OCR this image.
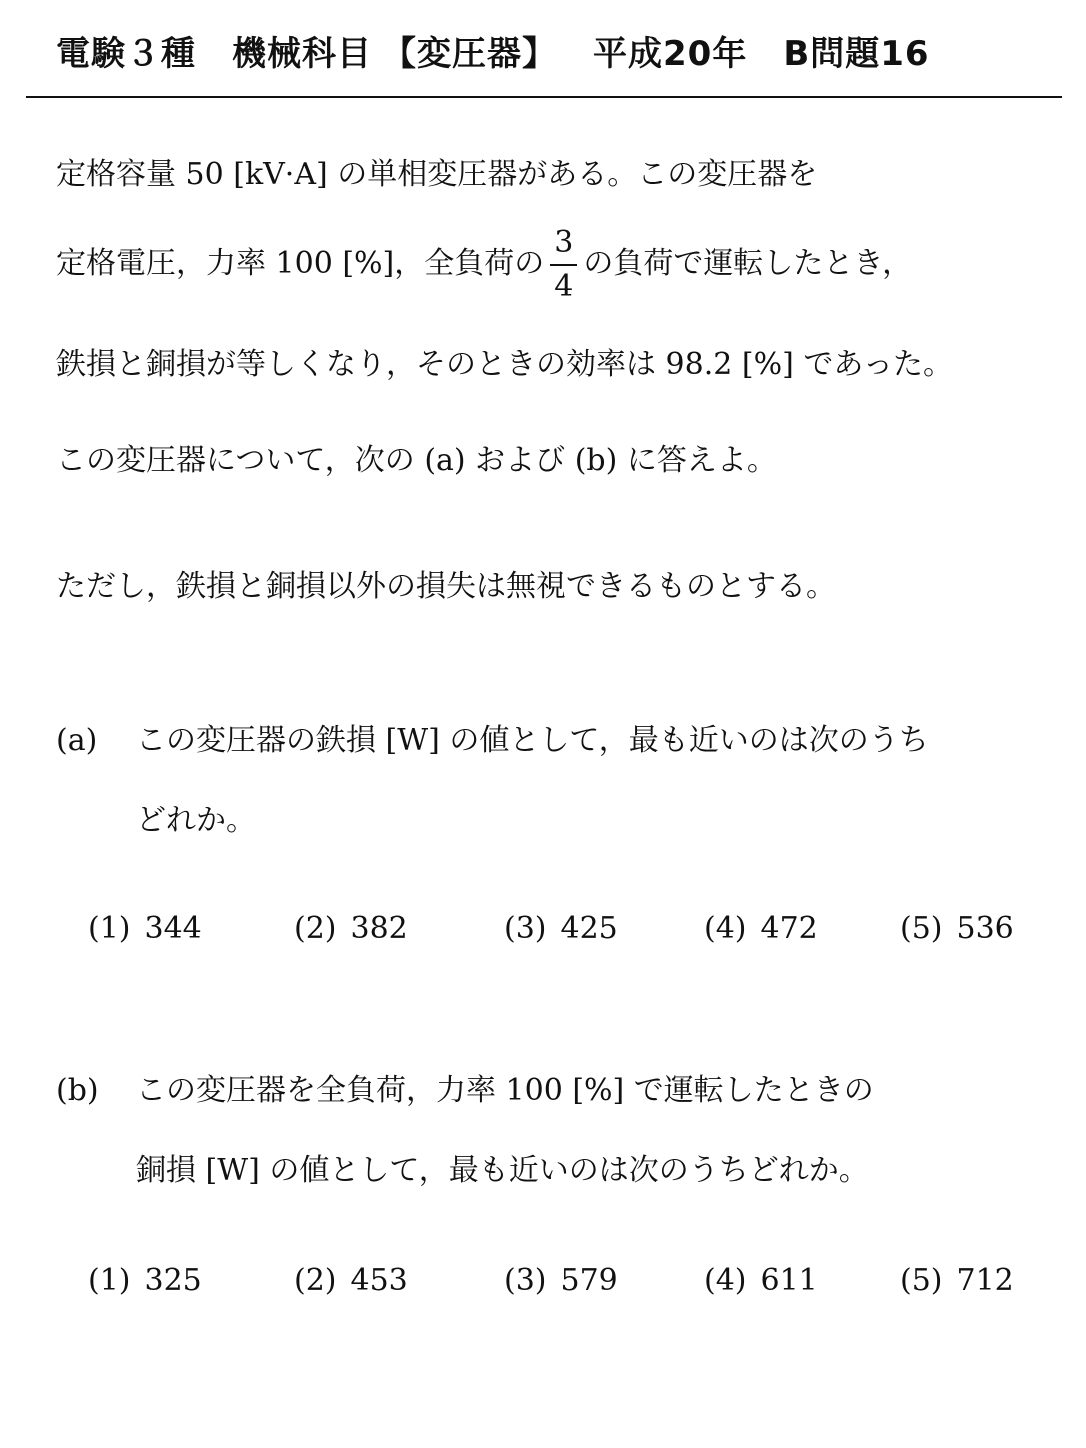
電験３種 機械科目 【変圧器】 平成20年 B問題16
定格容量 50 [kV·A] の単相変圧器がある。この変圧器を
定格電圧，力率 100 [%]，全負荷の $\frac{3}{4}$ の負荷で運転したとき，
鉄損と銅損が等しくなり，そのときの効率は 98.2 [%] であった。
この変圧器について，次の (a) および (b) に答えよ。
ただし，鉄損と銅損以外の損失は無視できるものとする。
(a) この変圧器の鉄損 [W] の値として，最も近いのは次のうち
どれか。
(1) 344	(2) 382	(3) 425	(4) 472	(5) 536
(b) この変圧器を全負荷，力率 100 [%] で運転したときの
銅損 [W] の値として，最も近いのは次のうちどれか。
(1) 325	(2) 453	(3) 579	(4) 611	(5) 712
